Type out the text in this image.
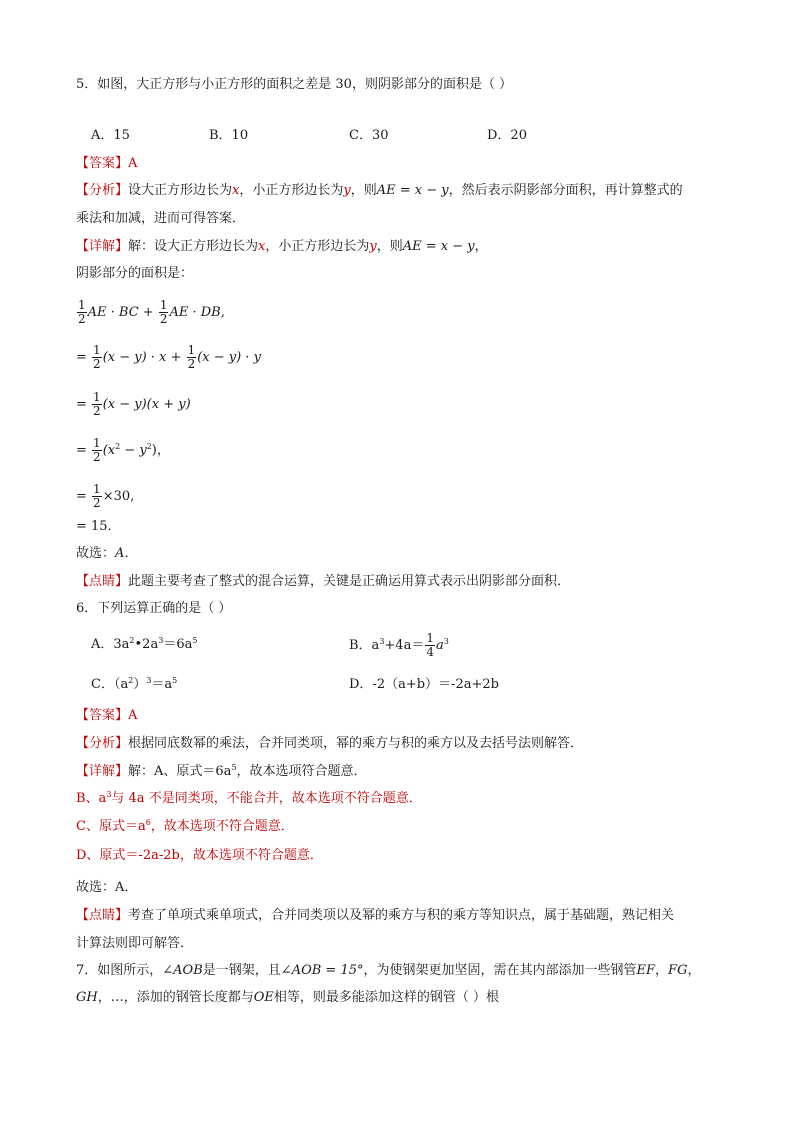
5．如图，大正方形与小正方形的面积之差是 30，则阴影部分的面积是（ ）
A．15	B．10	C．30	D．20
【答案】A
【分析】设大正方形边长为x，小正方形边长为y，则AE = x − y，然后表示阴影部分面积，再计算整式的
乘法和加减，进而可得答案．
【详解】解：设大正方形边长为x，小正方形边长为y，则AE = x − y，
阴影部分的面积是：
$\frac{1}{2}$ AE · BC + $\frac{1}{2}$ AE · DB,
= $\frac{1}{2} (x - y) \cdot x + \frac{1}{2} (x - y) \cdot y$
= $\frac{1}{2} (x - y)(x + y)$
= $\frac{1}{2} (x^2 - y^2)$，
= $\frac{1}{2} \times 30$,
= 15．
故选：A．
【点睛】此题主要考查了整式的混合运算，关键是正确运用算式表示出阴影部分面积．
6．下列运算正确的是（ ）
A．$3a^2•2a^3=6a^5$	B．$a^3+4a= \frac{1}{4} a^3$
C．$(a^2)^3=a^5$	D．-2（a+b）＝-2a+2b
【答案】A
【分析】根据同底数幂的乘法，合并同类项，幂的乘方与积的乘方以及去括号法则解答．
【详解】解：A、原式$=6a^5$，故本选项符合题意．
B、$a^3$与 4a 不是同类项，不能合并，故本选项不符合题意．
C、原式$=a^6$，故本选项不符合题意．
D、原式＝-2a-2b，故本选项不符合题意．
故选：A．
【点睛】考查了单项式乘单项式，合并同类项以及幂的乘方与积的乘方等知识点，属于基础题，熟记相关
计算法则即可解答．
7．如图所示，∠AOB是一钢架，且∠AOB = 15°，为使钢架更加坚固，需在其内部添加一些钢管EF，FG，
GH，…，添加的钢管长度都与OE相等，则最多能添加这样的钢管（ ）根
